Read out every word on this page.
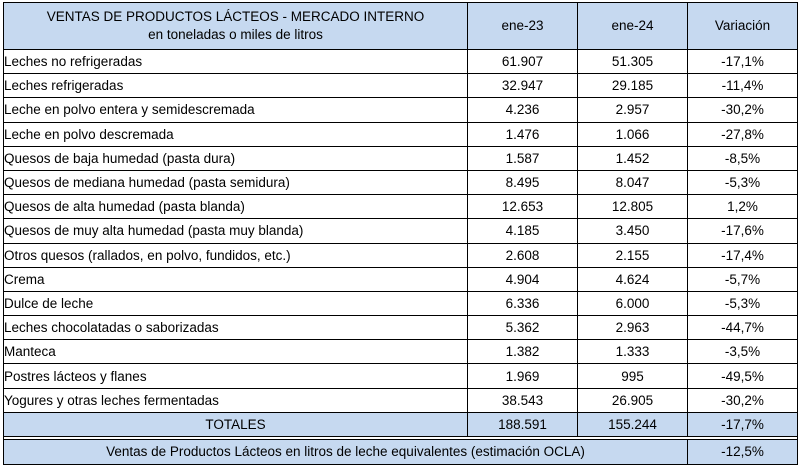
VENTAS DE PRODUCTOS LÁCTEOS - MERCADO INTERNO
en toneladas o miles de litros	ene-23	ene-24	Variación
Leches no refrigeradas	61.907	51.305	-17,1%
Leches refrigeradas	32.947	29.185	-11,4%
Leche en polvo entera y semidescremada	4.236	2.957	-30,2%
Leche en polvo descremada	1.476	1.066	-27,8%
Quesos de baja humedad (pasta dura)	1.587	1.452	-8,5%
Quesos de mediana humedad (pasta semidura)	8.495	8.047	-5,3%
Quesos de alta humedad (pasta blanda)	12.653	12.805	1,2%
Quesos de muy alta humedad (pasta muy blanda)	4.185	3.450	-17,6%
Otros quesos (rallados, en polvo, fundidos, etc.)	2.608	2.155	-17,4%
Crema	4.904	4.624	-5,7%
Dulce de leche	6.336	6.000	-5,3%
Leches chocolatadas o saborizadas	5.362	2.963	-44,7%
Manteca	1.382	1.333	-3,5%
Postres lácteos y flanes	1.969	995	-49,5%
Yogures y otras leches fermentadas	38.543	26.905	-30,2%
TOTALES	188.591	155.244	-17,7%

Ventas de Productos Lácteos en litros de leche equivalentes (estimación OCLA)			-12,5%
